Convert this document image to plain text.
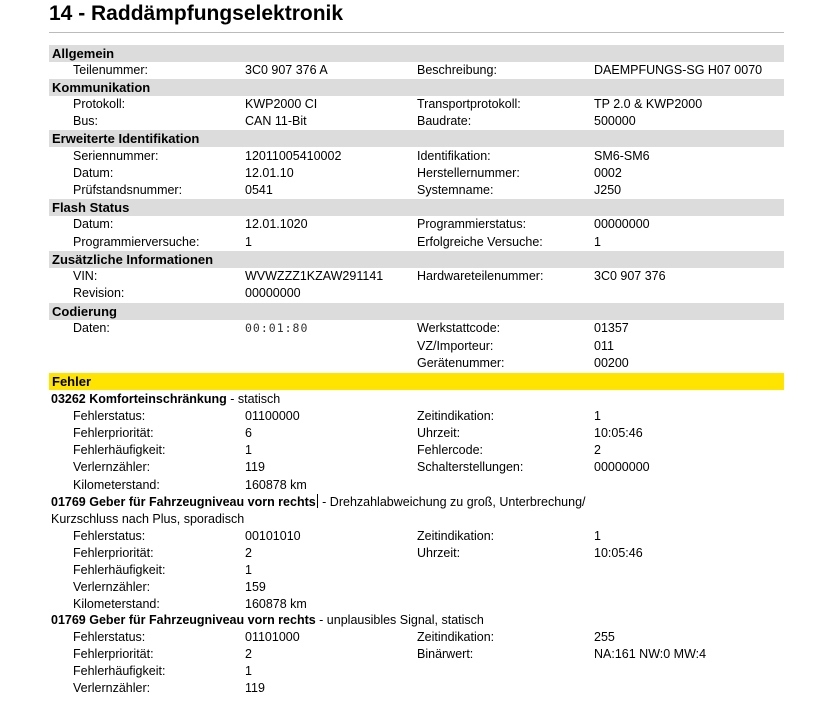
14 - Raddämpfungselektronik
Allgemein
Teilenummer:	3C0 907 376 A	Beschreibung:	DAEMPFUNGS-SG H07 0070
Kommunikation
Protokoll:	KWP2000 CI	Transportprotokoll:	TP 2.0 & KWP2000
Bus:	CAN 11-Bit	Baudrate:	500000
Erweiterte Identifikation
Seriennummer:	12011005410002	Identifikation:	SM6-SM6
Datum:	12.01.10	Herstellernummer:	0002
Prüfstandsnummer:	0541	Systemname:	J250
Flash Status
Datum:	12.01.1020	Programmierstatus:	00000000
Programmierversuche:	1	Erfolgreiche Versuche:	1
Zusätzliche Informationen
VIN:	WVWZZZ1KZAW291141	Hardwareteilenummer:	3C0 907 376
Revision:	00000000
Codierung
Daten:	00:01:80	Werkstattcode:	01357
VZ/Importeur:	011
Gerätenummer:	00200
Fehler
03262 Komforteinschränkung - statisch
Fehlerstatus:	01100000	Zeitindikation:	1
Fehlerpriorität:	6	Uhrzeit:	10:05:46
Fehlerhäufigkeit:	1	Fehlercode:	2
Verlernzähler:	119	Schalterstellungen:	00000000
Kilometerstand:	160878 km
01769 Geber für Fahrzeugniveau vorn rechts - Drehzahlabweichung zu groß, Unterbrechung/
Kurzschluss nach Plus, sporadisch
Fehlerstatus:	00101010	Zeitindikation:	1
Fehlerpriorität:	2	Uhrzeit:	10:05:46
Fehlerhäufigkeit:	1
Verlernzähler:	159
Kilometerstand:	160878 km
01769 Geber für Fahrzeugniveau vorn rechts - unplausibles Signal, statisch
Fehlerstatus:	01101000	Zeitindikation:	255
Fehlerpriorität:	2	Binärwert:	NA:161 NW:0 MW:4
Fehlerhäufigkeit:	1
Verlernzähler:	119
